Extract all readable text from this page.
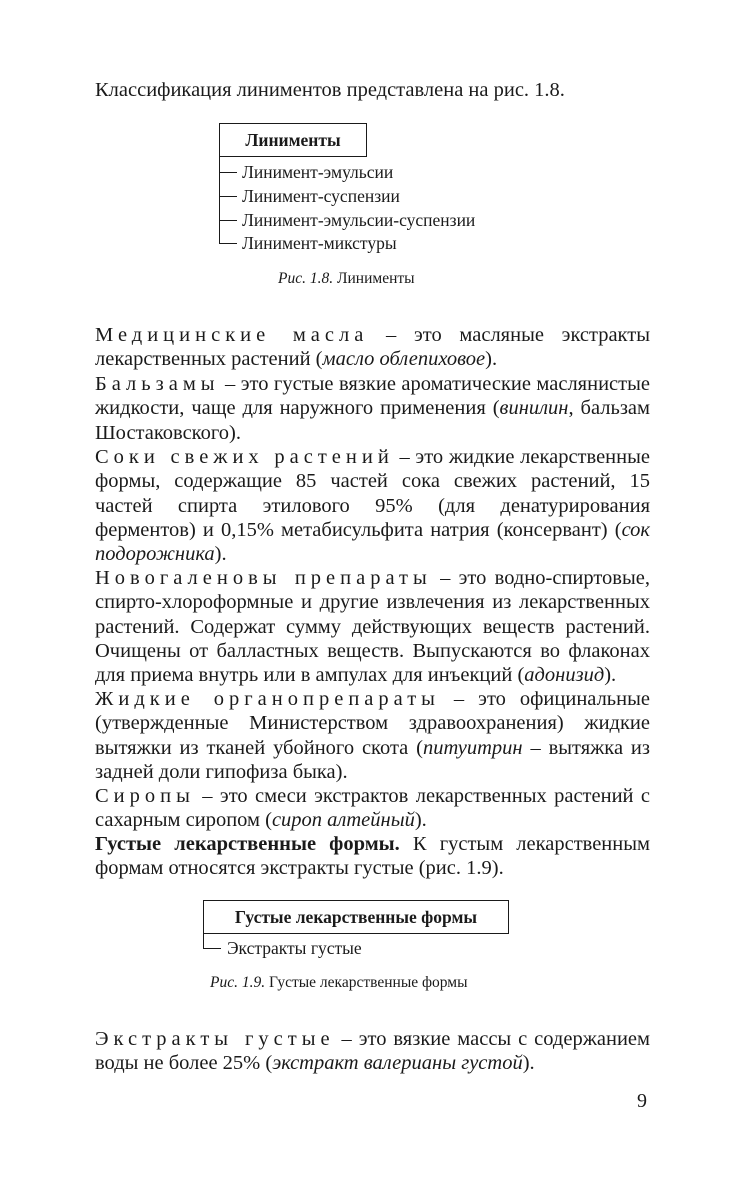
Классификация линиментов представлена на рис. 1.8.

Линименты
Линимент-эмульсии
Линимент-суспензии
Линимент-эмульсии-суспензии
Линимент-микстуры
Рис. 1.8. Линименты

Медицинские масла – это масляные экстракты лекарственных растений (масло облепиховое).

Бальзамы – это густые вязкие ароматические маслянистые жидкости, чаще для наружного применения (винилин, бальзам Шостаковского).

Соки свежих растений – это жидкие лекарственные формы, содержащие 85 частей сока свежих растений, 15 частей спирта этилового 95% (для денатурирования ферментов) и 0,15% метабисульфита натрия (консервант) (сок подорожника).

Новогаленовы препараты – это водно-спиртовые, спирто-хлороформные и другие извлечения из лекарственных растений. Содержат сумму действующих веществ растений. Очищены от балластных веществ. Выпускаются во флаконах для приема внутрь или в ампулах для инъекций (адонизид).

Жидкие органопрепараты – это официнальные (утвержденные Министерством здравоохранения) жидкие вытяжки из тканей убойного скота (питуитрин – вытяжка из задней доли гипофиза быка).

Сиропы – это смеси экстрактов лекарственных растений с сахарным сиропом (сироп алтейный).

Густые лекарственные формы. К густым лекарственным формам относятся экстракты густые (рис. 1.9).

Густые лекарственные формы
Экстракты густые
Рис. 1.9. Густые лекарственные формы

Экстракты густые – это вязкие массы с содержанием воды не более 25% (экстракт валерианы густой).

9
